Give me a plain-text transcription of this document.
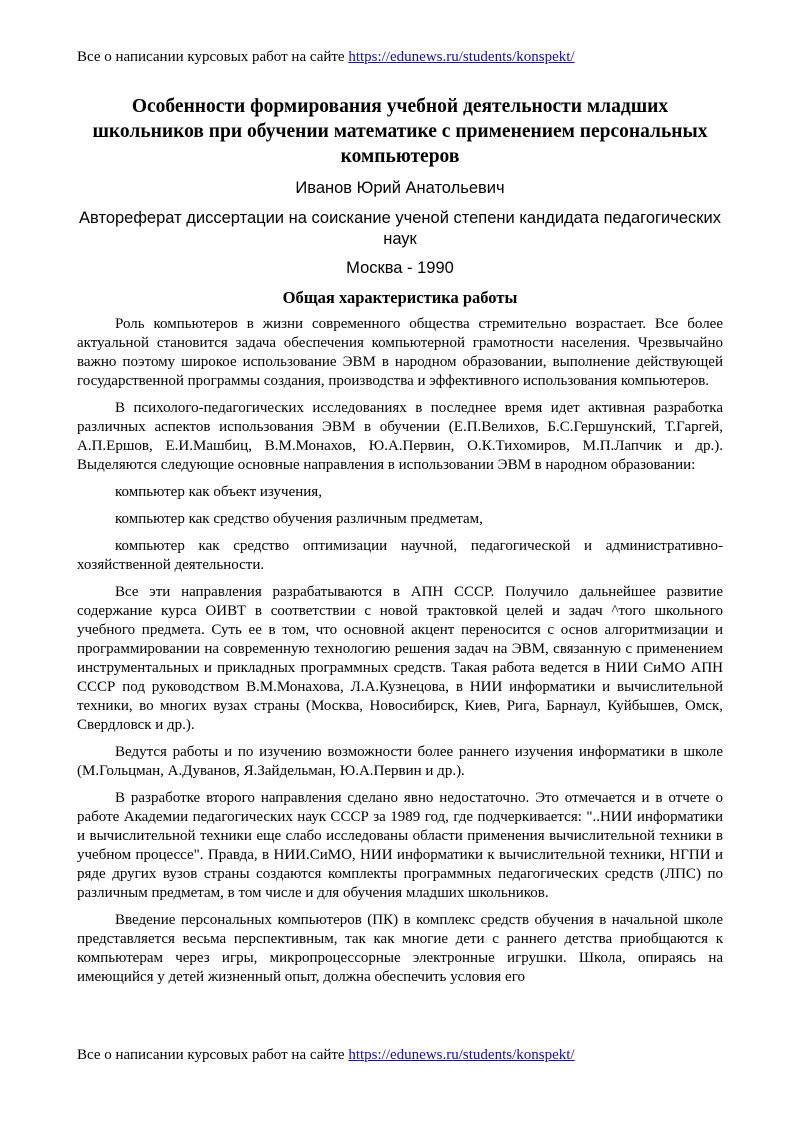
Все о написании курсовых работ на сайте https://edunews.ru/students/konspekt/
Особенности формирования учебной деятельности младших школьников при обучении математике с применением персональных компьютеров
Иванов Юрий Анатольевич
Автореферат диссертации на соискание ученой степени кандидата педагогических наук
Москва - 1990
Общая характеристика работы

Роль компьютеров в жизни современного общества стремительно возрастает. Все более актуальной становится задача обеспечения компьютерной грамотности населения. Чрезвычайно важно поэтому широкое использование ЭВМ в народном образовании, выполнение действующей государственной программы создания, производства и эффективного использования компьютеров.

В психолого-педагогических исследованиях в последнее время идет активная разработка различных аспектов использования ЭВМ в обучении (Е.П.Велихов, Б.С.Гершунский, Т.Гаргей, А.П.Ершов, Е.И.Машбиц, В.М.Монахов, Ю.А.Первин, О.К.Тихомиров, М.П.Лапчик и др.). Выделяются следующие основные направления в использовании ЭВМ в народном образовании:

компьютер как объект изучения,

компьютер как средство обучения различным предметам,

компьютер как средство оптимизации научной, педагогической и административно-хозяйственной деятельности.

Все эти направления разрабатываются в АПН СССР. Получило дальнейшее развитие содержание курса ОИВТ в соответствии с новой трактовкой целей и задач ^того школьного учебного предмета. Суть ее в том, что основной акцент переносится с основ алгоритмизации и программировании на современную технологию решения задач на ЭВМ, связанную с применением инструментальных и прикладных программных средств. Такая работа ведется в НИИ СиМО АПН СССР под руководством В.М.Монахова, Л.А.Кузнецова, в НИИ информатики и вычислительной техники, во многих вузах страны (Москва, Новосибирск, Киев, Рига, Барнаул, Куйбышев, Омск, Свердловск и др.).

Ведутся работы и по изучению возможности более раннего изучения информатики в школе (М.Гольцман, А.Дуванов, Я.Зайдельман, Ю.А.Первин и др.).

В разработке второго направления сделано явно недостаточно. Это отмечается и в отчете о работе Академии педагогических наук СССР за 1989 год, где подчеркивается: "..НИИ информатики и вычислительной техники еще слабо исследованы области применения вычислительной техники в учебном процессе". Правда, в НИИ.СиМО, НИИ информатики к вычислительной техники, НГПИ и ряде других вузов страны создаются комплекты программных педагогических средств (ЛПС) по различным предметам, в том числе и для обучения младших школьников.

Введение персональных компьютеров (ПК) в комплекс средств обучения в начальной школе представляется весьма перспективным, так как многие дети с раннего детства приобщаются к компьютерам через игры, микропроцессорные электронные игрушки. Школа, опираясь на имеющийся у детей жизненный опыт, должна обеспечить условия его

Все о написании курсовых работ на сайте https://edunews.ru/students/konspekt/
